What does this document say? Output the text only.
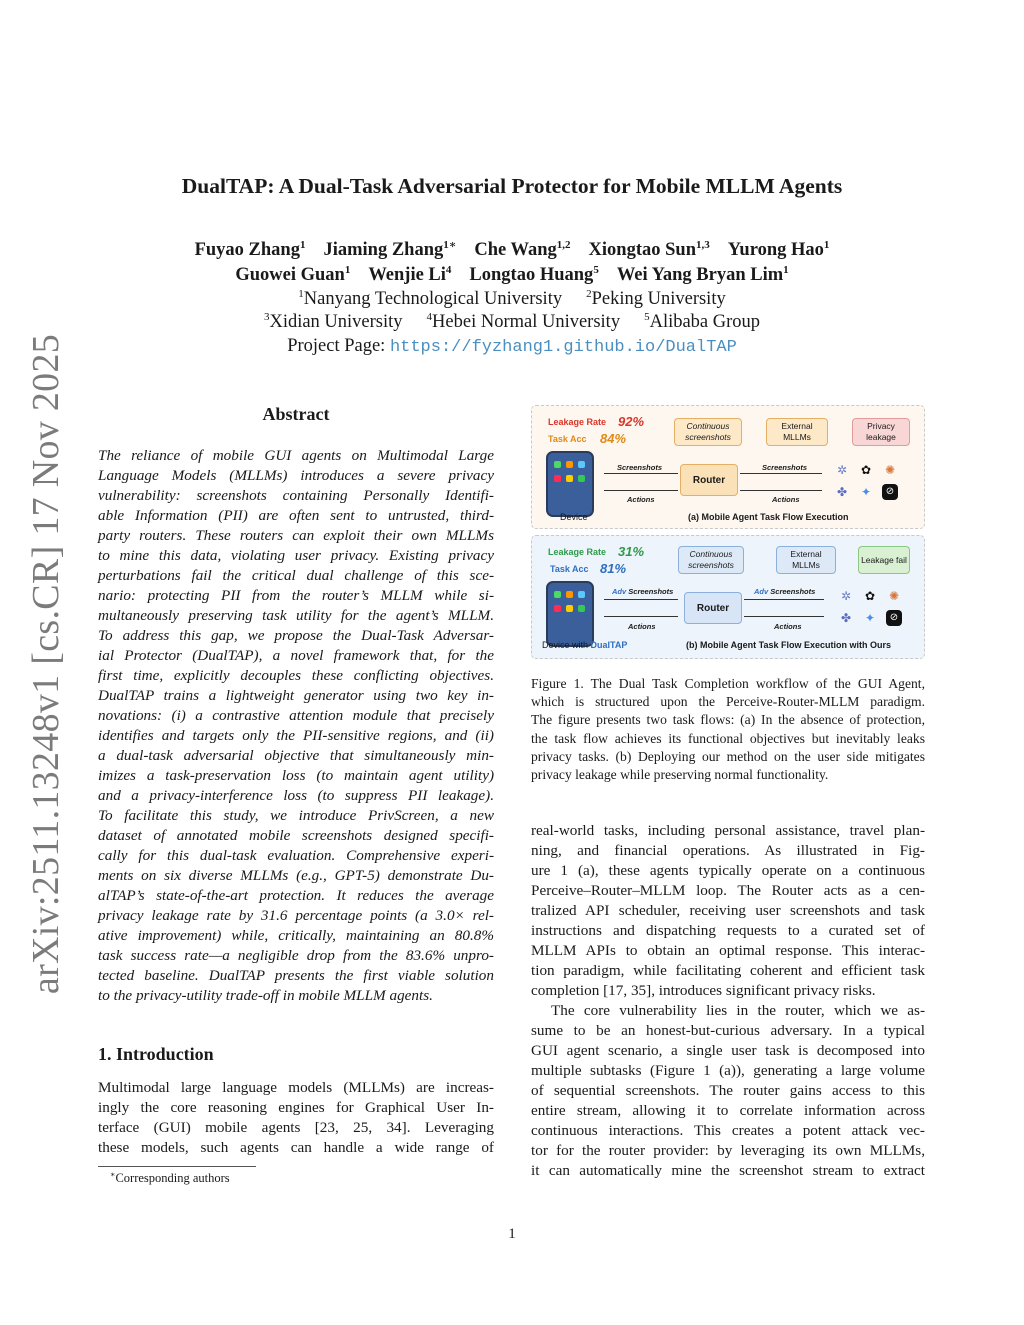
arXiv:2511.13248v1 [cs.CR] 17 Nov 2025
DualTAP: A Dual-Task Adversarial Protector for Mobile MLLM Agents
Fuyao Zhang$^1$ Jiaming Zhang$^{1∗}$ Che Wang$^{1,2}$ Xiongtao Sun$^{1,3}$ Yurong Hao$^1$
Guowei Guan$^1$ Wenjie Li$^4$ Longtao Huang$^5$ Wei Yang Bryan Lim$^1$
$^1$Nanyang Technological University $^2$Peking University
$^3$Xidian University $^4$Hebei Normal University $^5$Alibaba Group
Project Page: https://fyzhang1.github.io/DualTAP
Abstract
The reliance of mobile GUI agents on Multimodal Large
Language Models (MLLMs) introduces a severe privacy
vulnerability: screenshots containing Personally Identifi-
able Information (PII) are often sent to untrusted, third-
party routers. These routers can exploit their own MLLMs
to mine this data, violating user privacy. Existing privacy
perturbations fail the critical dual challenge of this sce-
nario: protecting PII from the router’s MLLM while si-
multaneously preserving task utility for the agent’s MLLM.
To address this gap, we propose the Dual-Task Adversar-
ial Protector (DualTAP), a novel framework that, for the
first time, explicitly decouples these conflicting objectives.
DualTAP trains a lightweight generator using two key in-
novations: (i) a contrastive attention module that precisely
identifies and targets only the PII-sensitive regions, and (ii)
a dual-task adversarial objective that simultaneously min-
imizes a task-preservation loss (to maintain agent utility)
and a privacy-interference loss (to suppress PII leakage).
To facilitate this study, we introduce PrivScreen, a new
dataset of annotated mobile screenshots designed specifi-
cally for this dual-task evaluation. Comprehensive experi-
ments on six diverse MLLMs (e.g., GPT-5) demonstrate Du-
alTAP’s state-of-the-art protection. It reduces the average
privacy leakage rate by 31.6 percentage points (a 3.0× rel-
ative improvement) while, critically, maintaining an 80.8%
task success rate—a negligible drop from the 83.6% unpro-
tected baseline. DualTAP presents the first viable solution
to the privacy-utility trade-off in mobile MLLM agents.
1. Introduction
Multimodal large language models (MLLMs) are increas-
ingly the core reasoning engines for Graphical User In-
terface (GUI) mobile agents [23, 25, 34]. Leveraging
these models, such agents can handle a wide range of
∗Corresponding authors
Leakage Rate 92%
Task Acc 84%
Device
Screenshots
Actions
Router
Continuous screenshots
External MLLMs
Privacy leakage
Screenshots
Actions
✲ ✿ ✺
✤ ✦	⊘
(a) Mobile Agent Task Flow Execution
Leakage Rate 31%
Task Acc 81%
Device with DualTAP
Adv Screenshots
Actions
Router
Continuous screenshots
External MLLMs
Leakage fail
Adv Screenshots
Actions
✲ ✿ ✺
✤ ✦	⊘
(b) Mobile Agent Task Flow Execution with Ours
Figure 1. The Dual Task Completion workflow of the GUI Agent,
which is structured upon the Perceive-Router-MLLM paradigm.
The figure presents two task flows: (a) In the absence of protection,
the task flow achieves its functional objectives but inevitably leaks
privacy tasks. (b) Deploying our method on the user side mitigates
privacy leakage while preserving normal functionality.
real-world tasks, including personal assistance, travel plan-
ning, and financial operations. As illustrated in Fig-
ure 1 (a), these agents typically operate on a continuous
Perceive–Router–MLLM loop. The Router acts as a cen-
tralized API scheduler, receiving user screenshots and task
instructions and dispatching requests to a curated set of
MLLM APIs to obtain an optimal response. This interac-
tion paradigm, while facilitating coherent and efficient task
completion [17, 35], introduces significant privacy risks.
The core vulnerability lies in the router, which we as-
sume to be an honest-but-curious adversary. In a typical
GUI agent scenario, a single user task is decomposed into
multiple subtasks (Figure 1 (a)), generating a large volume
of sequential screenshots. The router gains access to this
entire stream, allowing it to correlate information across
continuous interactions. This creates a potent attack vec-
tor for the router provider: by leveraging its own MLLMs,
it can automatically mine the screenshot stream to extract
1
